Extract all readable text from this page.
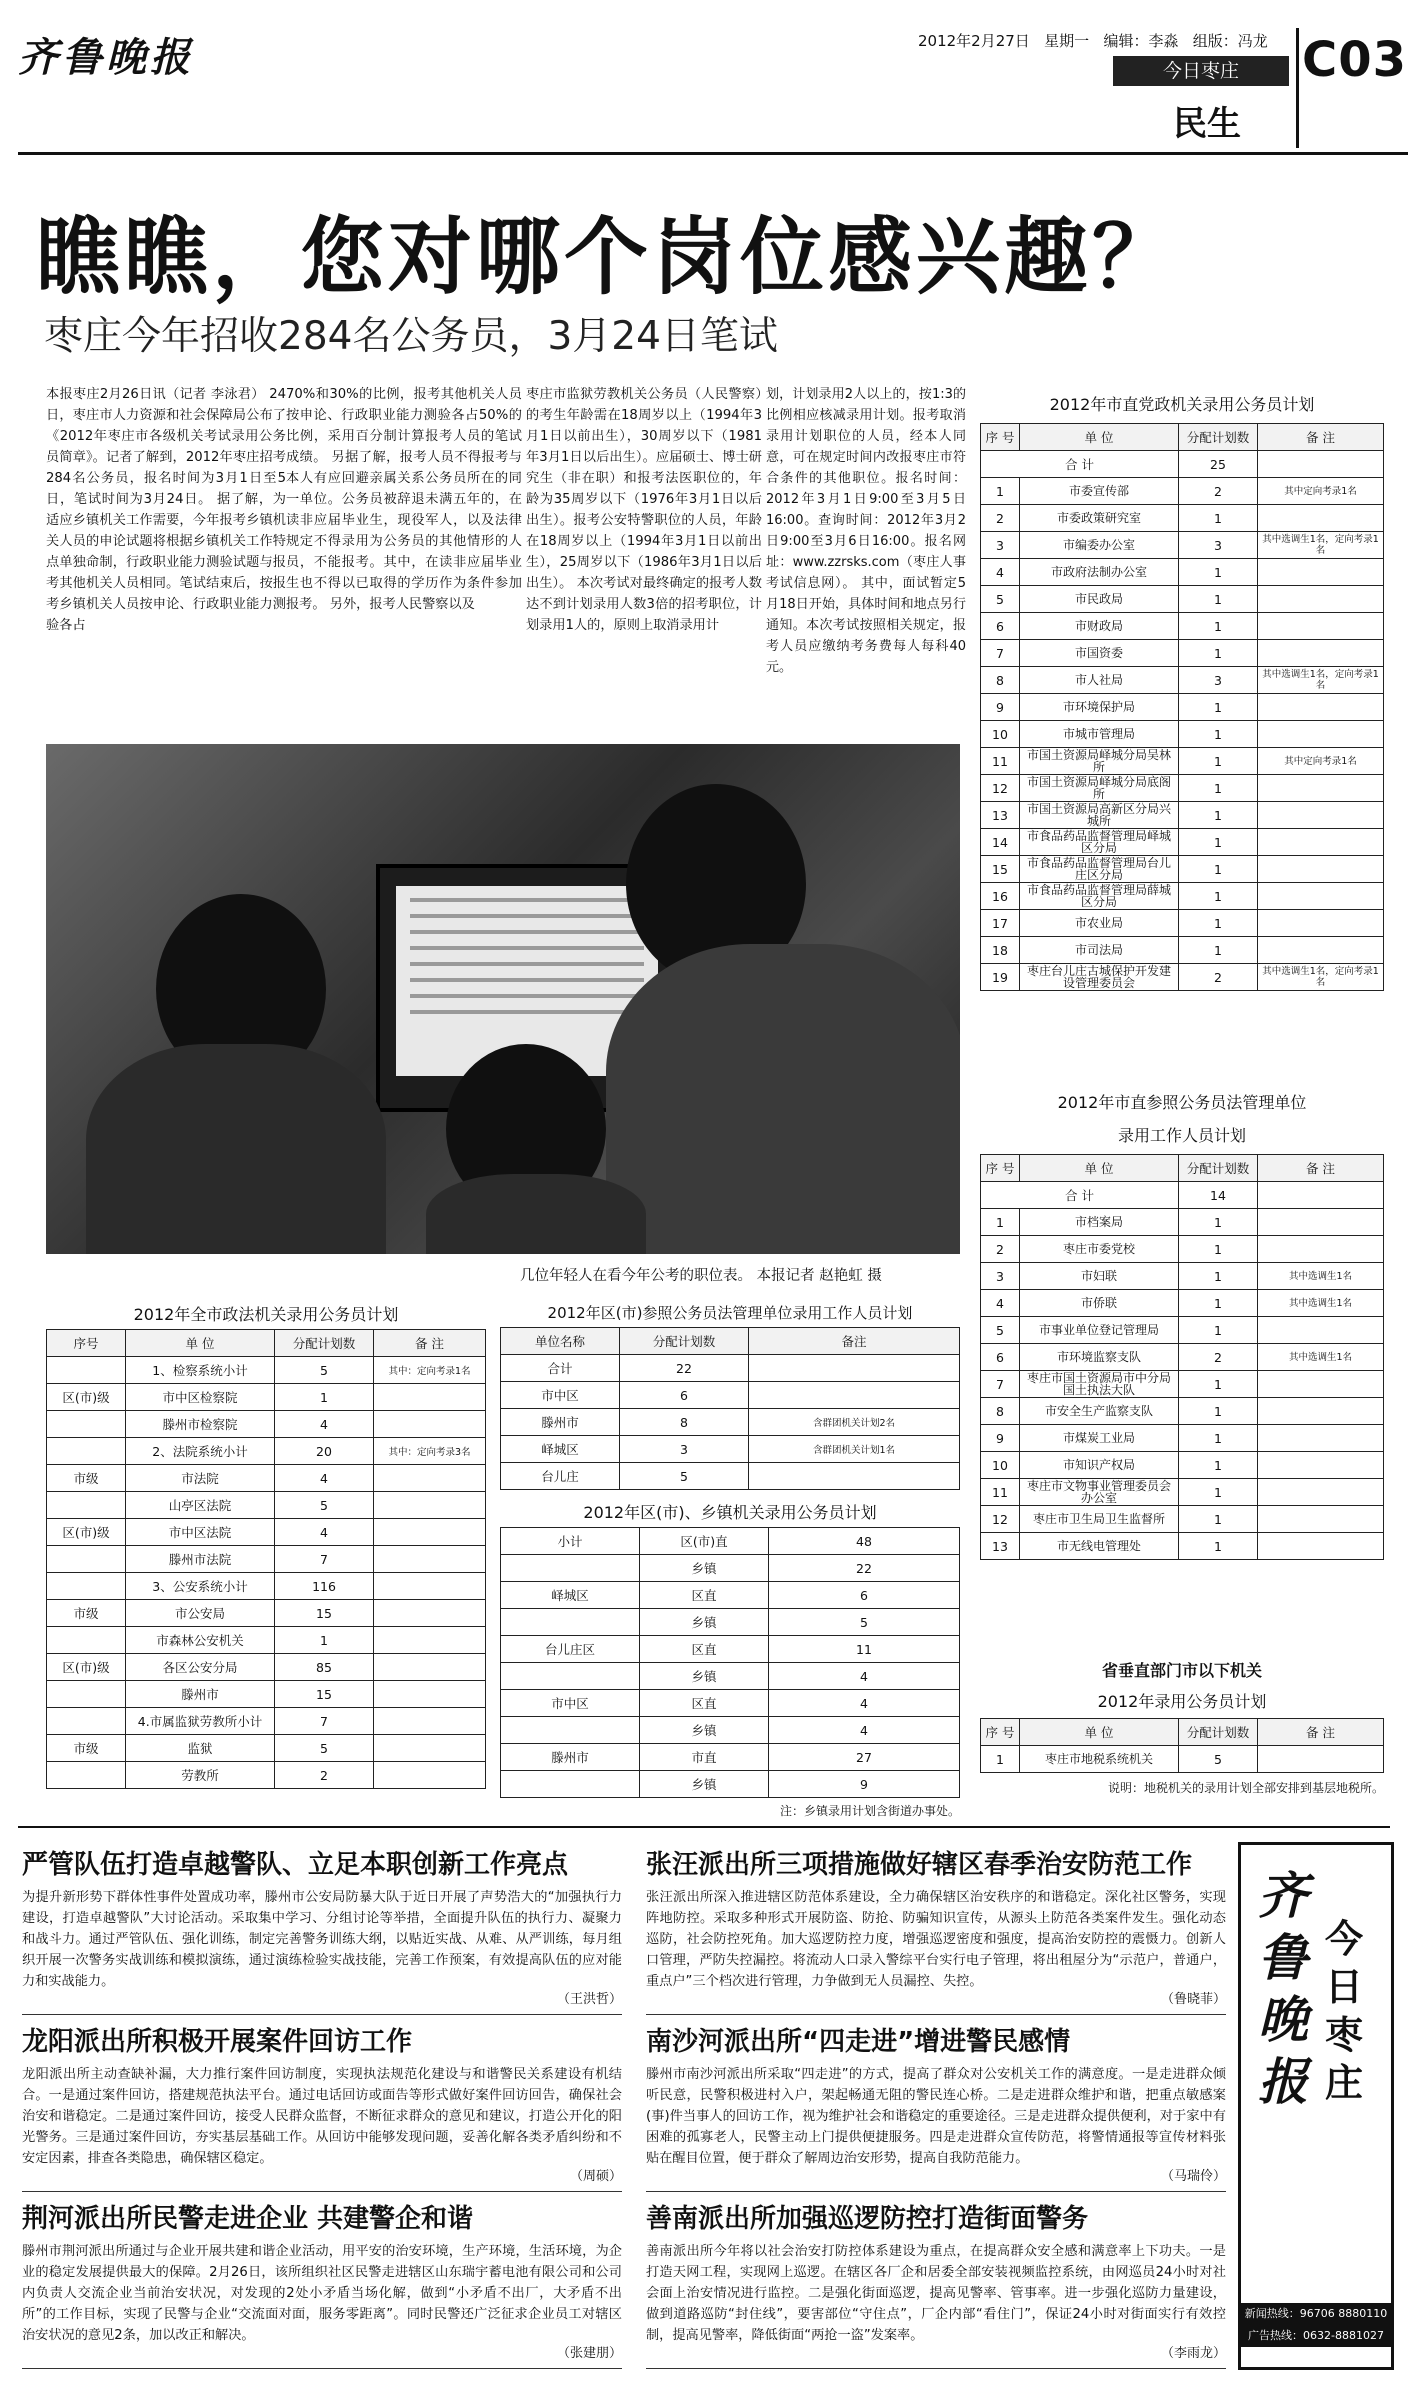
齐鲁晚报	2012年2月27日 星期一 编辑：李淼 组版：冯龙
今日枣庄
民生
C03
瞧瞧，您对哪个岗位感兴趣？
枣庄今年招收284名公务员，3月24日笔试
本报枣庄2月26日讯（记者 李泳君） 24日，枣庄市人力资源和社会保障局公布了《2012年枣庄市各级机关考试录用公务员简章》。记者了解到，2012年枣庄招考284名公务员，报名时间为3月1日至5日，笔试时间为3月24日。 据了解，为适应乡镇机关工作需要，今年报考乡镇机关人员的申论试题将根据乡镇机关工作特点单独命制，行政职业能力测验试题与报考其他机关人员相同。笔试结束后，按报考乡镇机关人员按申论、行政职业能力测验各占
70%和30%的比例，报考其他机关人员按申论、行政职业能力测验各占50%的比例，采用百分制计算报考人员的笔试成绩。 另据了解，报考人员不得报考与本人有应回避亲属关系公务员所在的同一单位。公务员被辞退未满五年的，在读非应届毕业生，现役军人，以及法律规定不得录用为公务员的其他情形的人员，不能报考。其中，在读非应届毕业生也不得以已取得的学历作为条件参加报考。 另外，报考人民警察以及
枣庄市监狱劳教机关公务员（人民警察）的考生年龄需在18周岁以上（1994年3月1日以前出生），30周岁以下（1981年3月1日以后出生）。应届硕士、博士研究生（非在职）和报考法医职位的，年龄为35周岁以下（1976年3月1日以后出生）。报考公安特警职位的人员，年龄在18周岁以上（1994年3月1日以前出生），25周岁以下（1986年3月1日以后出生）。 本次考试对最终确定的报考人数达不到计划录用人数3倍的招考职位，计划录用1人的，原则上取消录用计
划，计划录用2人以上的，按1:3的比例相应核减录用计划。报考取消录用计划职位的人员，经本人同意，可在规定时间内改报枣庄市符合条件的其他职位。报名时间：2012年3月1日9:00至3月5日16:00。查询时间：2012年3月2日9:00至3月6日16:00。报名网址：www.zzrsks.com（枣庄人事考试信息网）。 其中，面试暂定5月18日开始，具体时间和地点另行通知。本次考试按照相关规定，报考人员应缴纳考务费每人每科40元。
几位年轻人在看今年公考的职位表。 本报记者 赵艳虹 摄
2012年市直党政机关录用公务员计划
序 号	单 位	分配计划数	备 注
合 计		25	
1	市委宣传部	2	其中定向考录1名
2	市委政策研究室	1	
3	市编委办公室	3	其中选调生1名，定向考录1名
4	市政府法制办公室	1	
5	市民政局	1	
6	市财政局	1	
7	市国资委	1	
8	市人社局	3	其中选调生1名，定向考录1名
9	市环境保护局	1	
10	市城市管理局	1	
11	市国土资源局峄城分局吴林所	1	其中定向考录1名
12	市国土资源局峄城分局底阁所	1	
13	市国土资源局高新区分局兴城所	1	
14	市食品药品监督管理局峄城区分局	1	
15	市食品药品监督管理局台儿庄区分局	1	
16	市食品药品监督管理局薛城区分局	1	
17	市农业局	1	
18	市司法局	1	
19	枣庄台儿庄古城保护开发建设管理委员会	2	其中选调生1名，定向考录1名
2012年市直参照公务员法管理单位
录用工作人员计划
序 号	单 位	分配计划数	备 注
合 计		14	
1	市档案局	1	
2	枣庄市委党校	1	
3	市妇联	1	其中选调生1名
4	市侨联	1	其中选调生1名
5	市事业单位登记管理局	1	
6	市环境监察支队	2	其中选调生1名
7	枣庄市国土资源局市中分局国土执法大队	1	
8	市安全生产监察支队	1	
9	市煤炭工业局	1	
10	市知识产权局	1	
11	枣庄市文物事业管理委员会办公室	1	
12	枣庄市卫生局卫生监督所	1	
13	市无线电管理处	1	
省垂直部门市以下机关
2012年录用公务员计划
序 号	单 位	分配计划数	备 注
1	枣庄市地税系统机关	5	
说明：地税机关的录用计划全部安排到基层地税所。
2012年全市政法机关录用公务员计划
序号	单 位	分配计划数	备 注
	1、检察系统小计	5	其中：定向考录1名
区(市)级	市中区检察院	1	
	滕州市检察院	4	
	2、法院系统小计	20	其中：定向考录3名
市级	市法院	4	
	山亭区法院	5	
区(市)级	市中区法院	4	
	滕州市法院	7	
	3、公安系统小计	116	
市级	市公安局	15	
	市森林公安机关	1	
区(市)级	各区公安分局	85	
	滕州市	15	
	4.市属监狱劳教所小计	7	
市级	监狱	5	
	劳教所	2	
2012年区(市)参照公务员法管理单位录用工作人员计划
单位名称	分配计划数	备注
合计	22	
市中区	6	
滕州市	8	含群团机关计划2名
峄城区	3	含群团机关计划1名
台儿庄	5	
2012年区(市)、乡镇机关录用公务员计划
小计	区(市)直	48
	乡镇	22
峄城区	区直	6
	乡镇	5
台儿庄区	区直	11
	乡镇	4
市中区	区直	4
	乡镇	4
滕州市	市直	27
	乡镇	9
注：乡镇录用计划含街道办事处。
严管队伍打造卓越警队、立足本职创新工作亮点
为提升新形势下群体性事件处置成功率，滕州市公安局防暴大队于近日开展了声势浩大的“加强执行力建设，打造卓越警队”大讨论活动。采取集中学习、分组讨论等举措，全面提升队伍的执行力、凝聚力和战斗力。通过严管队伍、强化训练，制定完善警务训练大纲，以贴近实战、从难、从严训练，每月组织开展一次警务实战训练和模拟演练，通过演练检验实战技能，完善工作预案，有效提高队伍的应对能力和实战能力。
（王洪哲）
龙阳派出所积极开展案件回访工作
龙阳派出所主动查缺补漏，大力推行案件回访制度，实现执法规范化建设与和谐警民关系建设有机结合。一是通过案件回访，搭建规范执法平台。通过电话回访或面告等形式做好案件回访回告，确保社会治安和谐稳定。二是通过案件回访，接受人民群众监督，不断征求群众的意见和建议，打造公开化的阳光警务。三是通过案件回访，夯实基层基础工作。从回访中能够发现问题，妥善化解各类矛盾纠纷和不安定因素，排查各类隐患，确保辖区稳定。
（周硕）
荆河派出所民警走进企业 共建警企和谐
滕州市荆河派出所通过与企业开展共建和谐企业活动，用平安的治安环境，生产环境，生活环境，为企业的稳定发展提供最大的保障。2月26日，该所组织社区民警走进辖区山东瑞宇蓄电池有限公司和公司内负责人交流企业当前治安状况，对发现的2处小矛盾当场化解，做到“小矛盾不出厂，大矛盾不出所”的工作目标，实现了民警与企业“交流面对面，服务零距离”。同时民警还广泛征求企业员工对辖区治安状况的意见2条，加以改正和解决。
（张建朋）
张汪派出所三项措施做好辖区春季治安防范工作
张汪派出所深入推进辖区防范体系建设，全力确保辖区治安秩序的和谐稳定。深化社区警务，实现阵地防控。采取多种形式开展防盗、防抢、防骗知识宣传，从源头上防范各类案件发生。强化动态巡防，社会防控死角。加大巡逻防控力度，增强巡逻密度和强度，提高治安防控的震慑力。创新人口管理，严防失控漏控。将流动人口录入警综平台实行电子管理，将出租屋分为“示范户，普通户，重点户”三个档次进行管理，力争做到无人员漏控、失控。
（鲁晓菲）
南沙河派出所“四走进”增进警民感情
滕州市南沙河派出所采取“四走进”的方式，提高了群众对公安机关工作的满意度。一是走进群众倾听民意，民警积极进村入户，架起畅通无阻的警民连心桥。二是走进群众维护和谐，把重点敏感案(事)件当事人的回访工作，视为维护社会和谐稳定的重要途径。三是走进群众提供便利，对于家中有困难的孤寡老人，民警主动上门提供便捷服务。四是走进群众宣传防范，将警情通报等宣传材料张贴在醒目位置，便于群众了解周边治安形势，提高自我防范能力。
（马瑞伶）
善南派出所加强巡逻防控打造街面警务
善南派出所今年将以社会治安打防控体系建设为重点，在提高群众安全感和满意率上下功夫。一是打造天网工程，实现网上巡逻。在辖区各厂企和居委全部安装视频监控系统，由网巡员24小时对社会面上治安情况进行监控。二是强化街面巡逻，提高见警率、管事率。进一步强化巡防力量建设，做到道路巡防“封住线”，要害部位“守住点”，厂企内部“看住门”，保证24小时对街面实行有效控制，提高见警率，降低街面“两抢一盗”发案率。
（李雨龙）
齐鲁晚报
今日枣庄
新闻热线：96706 8880110
广告热线：0632-8881027
